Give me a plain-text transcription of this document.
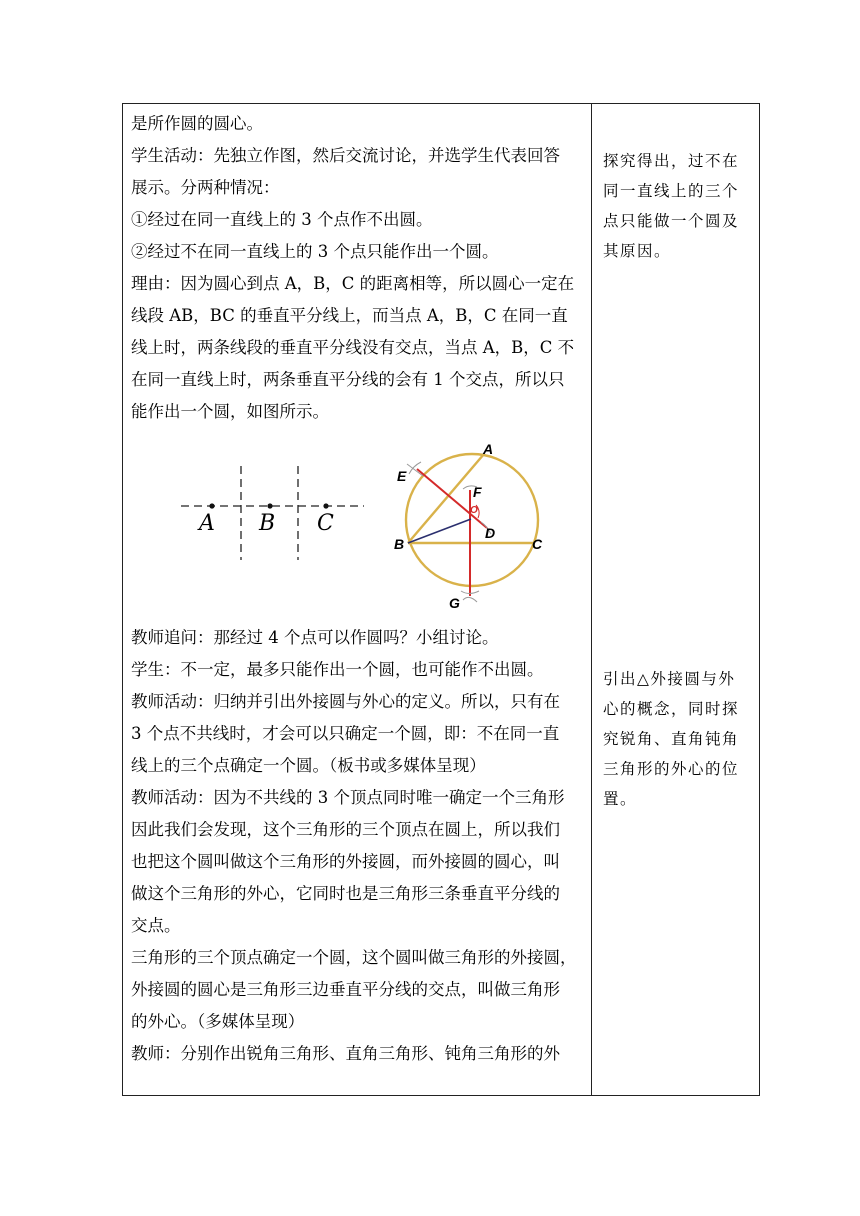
是所作圆的圆心。
学生活动：先独立作图，然后交流讨论，并选学生代表回答
展示。分两种情况：
①经过在同一直线上的 3 个点作不出圆。
②经过不在同一直线上的 3 个点只能作出一个圆。
理由：因为圆心到点 A，B，C 的距离相等，所以圆心一定在
线段 AB，BC 的垂直平分线上，而当点 A，B，C 在同一直
线上时，两条线段的垂直平分线没有交点，当点 A，B，C 不
在同一直线上时，两条垂直平分线的会有 1 个交点，所以只
能作出一个圆，如图所示。
A B C
A
E
F
O
B
D
C
G
教师追问：那经过 4 个点可以作圆吗？小组讨论。
学生：不一定，最多只能作出一个圆，也可能作不出圆。
教师活动：归纳并引出外接圆与外心的定义。所以，只有在
3 个点不共线时，才会可以只确定一个圆，即：不在同一直
线上的三个点确定一个圆。（板书或多媒体呈现）
教师活动：因为不共线的 3 个顶点同时唯一确定一个三角形
因此我们会发现，这个三角形的三个顶点在圆上，所以我们
也把这个圆叫做这个三角形的外接圆，而外接圆的圆心，叫
做这个三角形的外心，它同时也是三角形三条垂直平分线的
交点。
三角形的三个顶点确定一个圆，这个圆叫做三角形的外接圆，
外接圆的圆心是三角形三边垂直平分线的交点，叫做三角形
的外心。（多媒体呈现）
教师：分别作出锐角三角形、直角三角形、钝角三角形的外
探究得出，过不在
同一直线上的三个
点只能做一个圆及
其原因。
引出△外接圆与外
心的概念，同时探
究锐角、直角钝角
三角形的外心的位
置。
